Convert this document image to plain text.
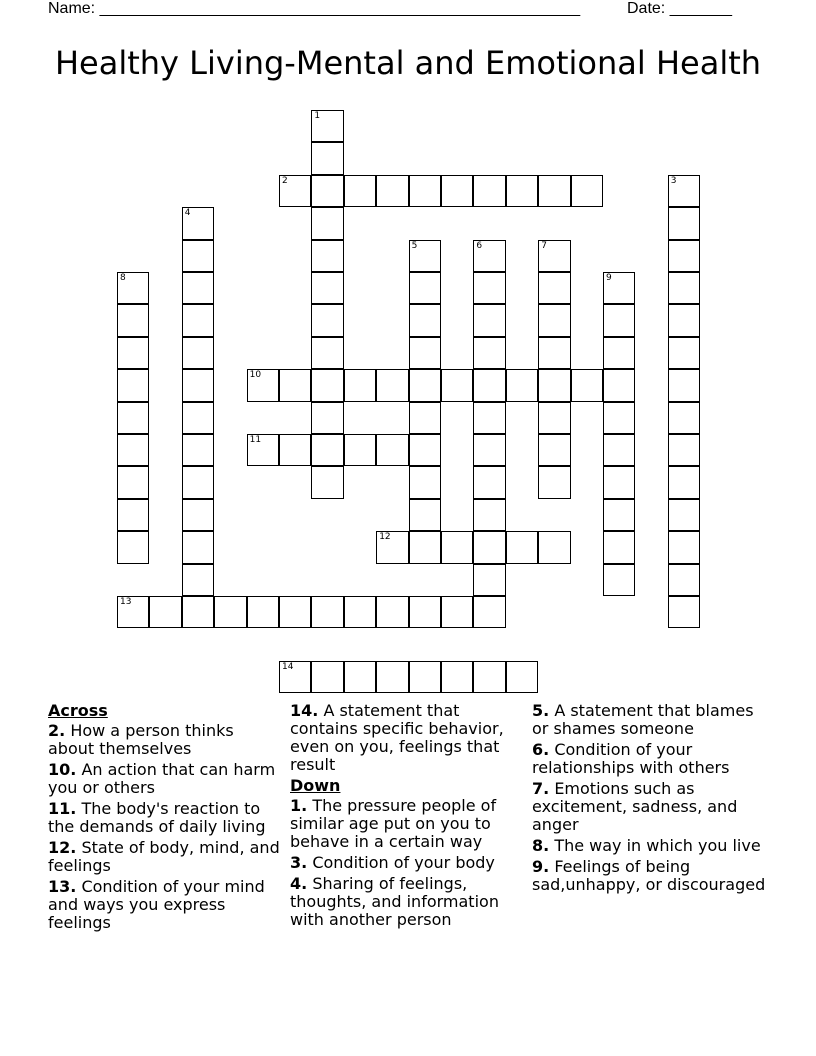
Name: ______________________________________________________	Date: _______
Healthy Living-Mental and Emotional Health
1
2	3
4
5	6	7
8	9
10
11
12
13
14
Across
2. How a person thinks about themselves
10. An action that can harm you or others
11. The body's reaction to the demands of daily living
12. State of body, mind, and feelings
13. Condition of your mind and ways you express feelings
14. A statement that contains specific behavior, even on you, feelings that result
Down
1. The pressure people of similar age put on you to behave in a certain way
3. Condition of your body
4. Sharing of feelings, thoughts, and information with another person
5. A statement that blames or shames someone
6. Condition of your relationships with others
7. Emotions such as excitement, sadness, and anger
8. The way in which you live
9. Feelings of being sad,unhappy, or discouraged
